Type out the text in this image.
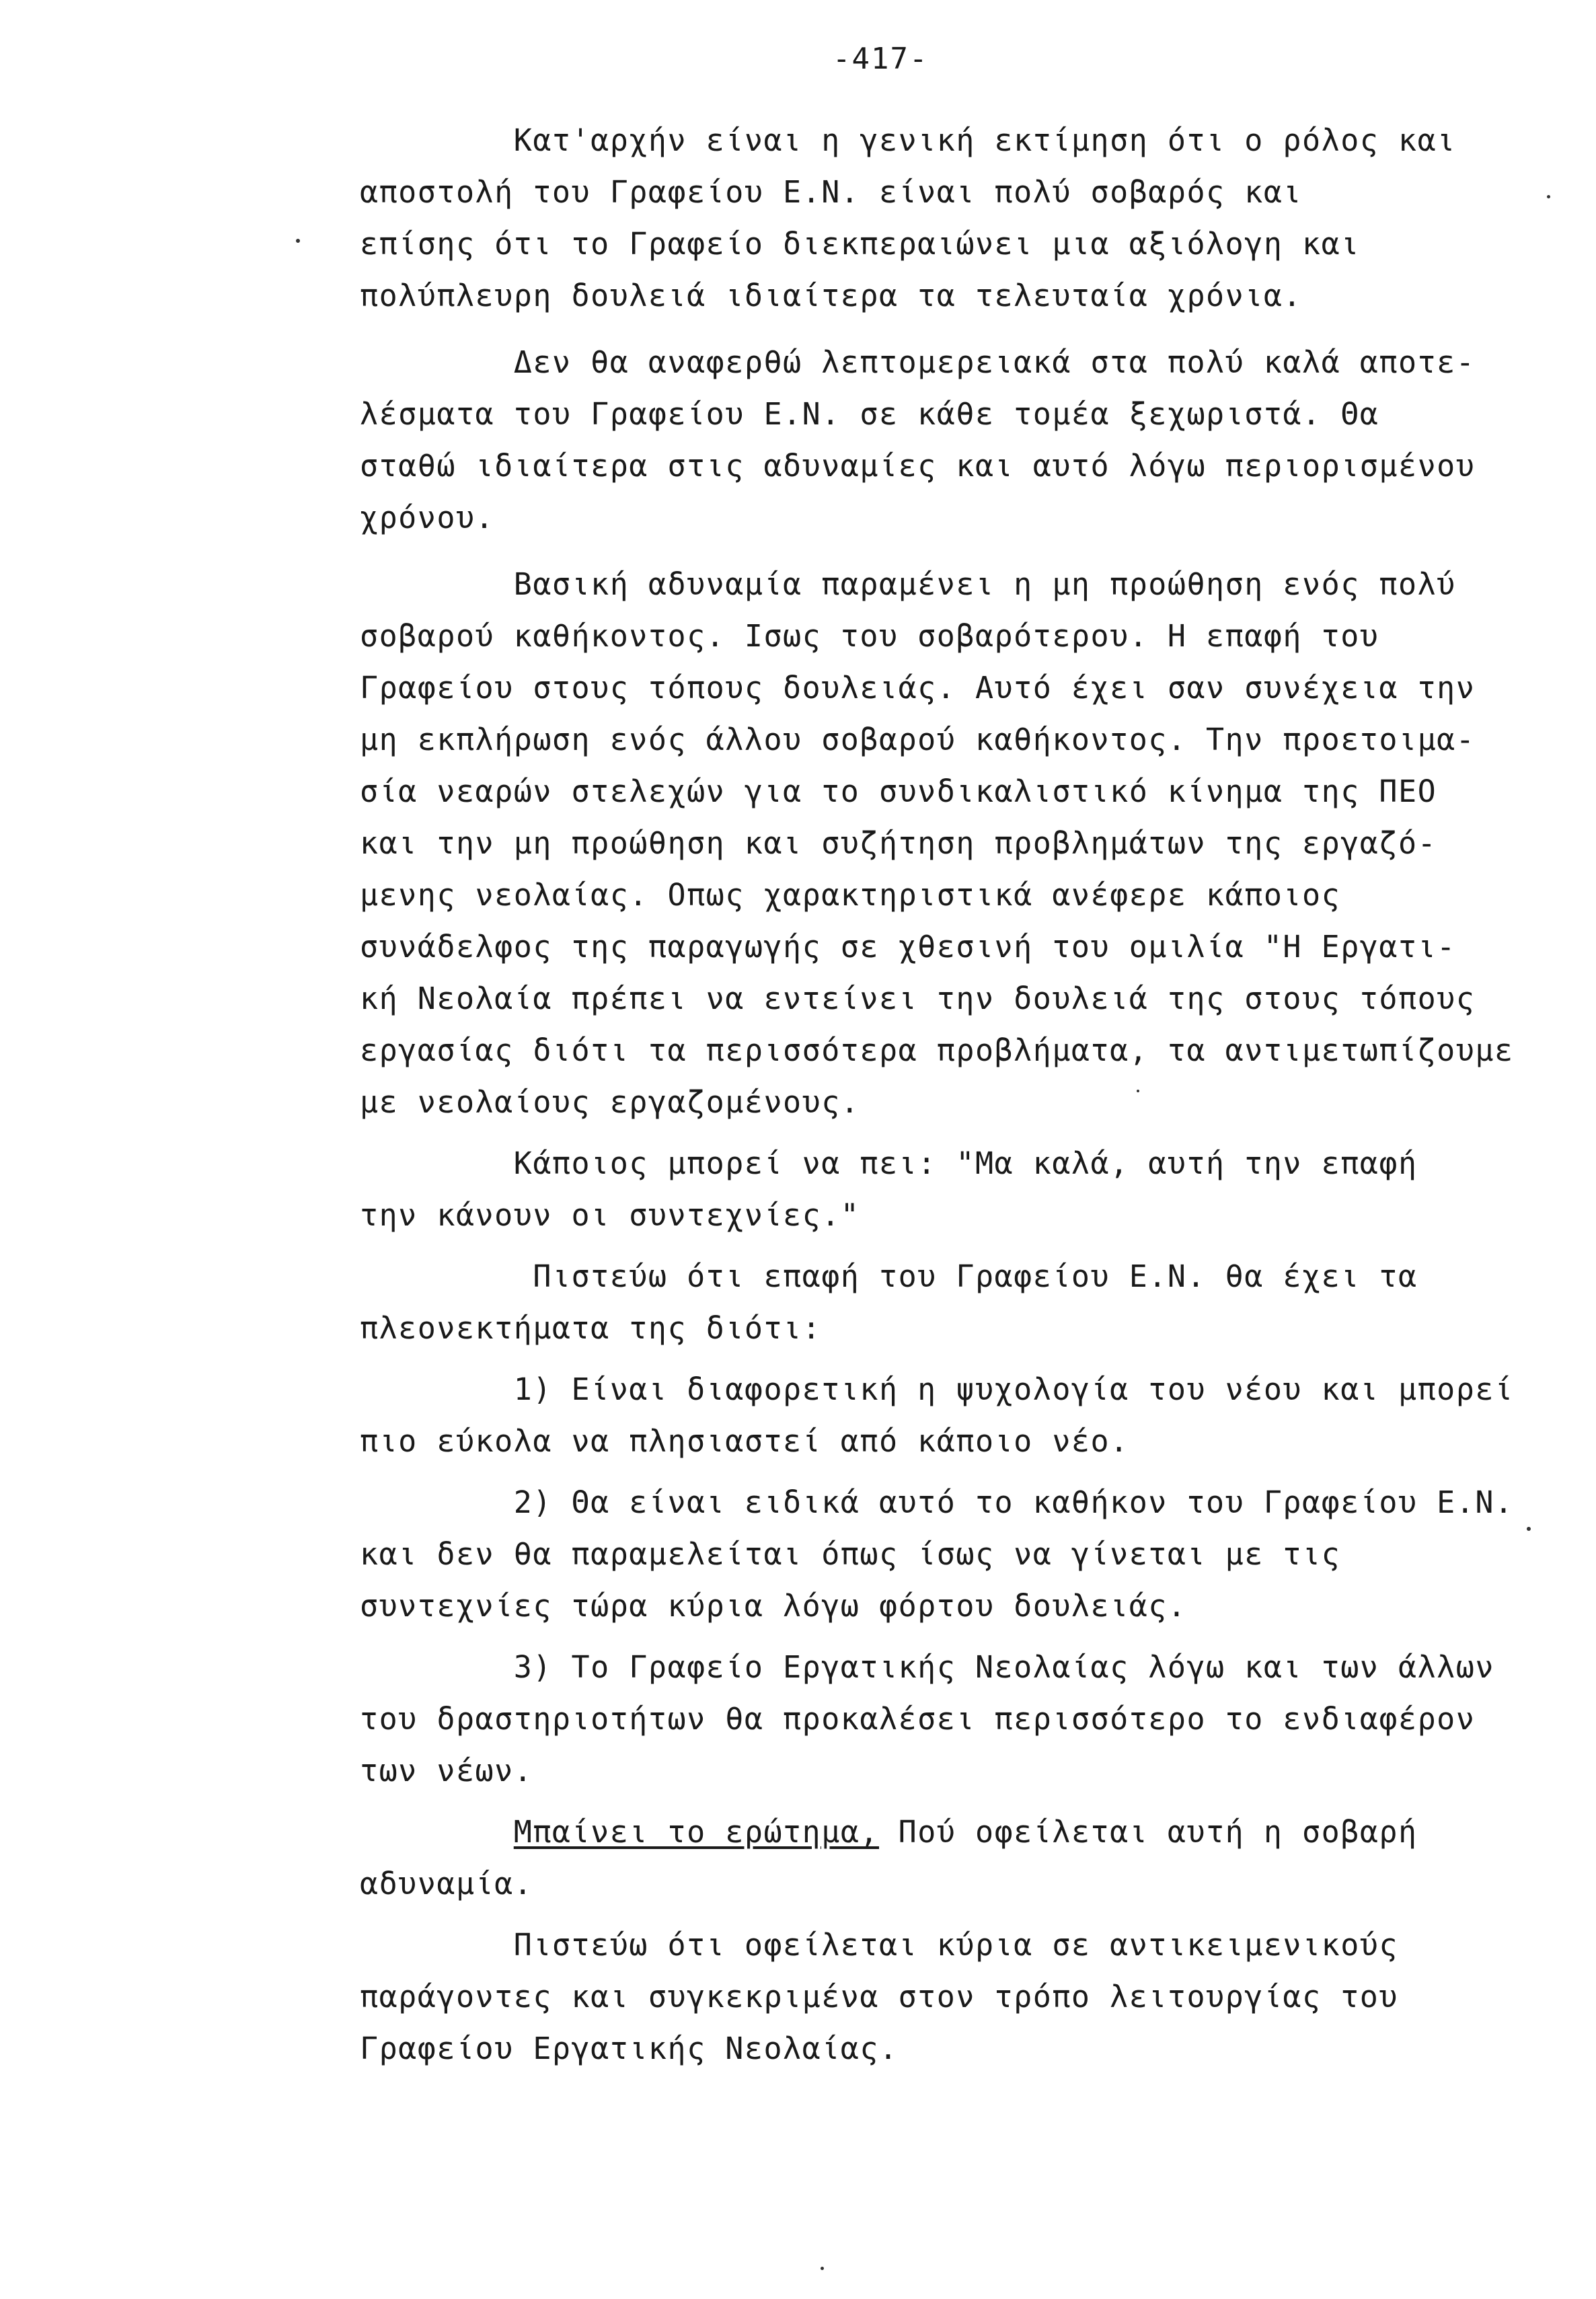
-417-

Κατ'αρχήν είναι η γενική εκτίμηση ότι ο ρόλος και
αποστολή του Γραφείου Ε.Ν. είναι πολύ σοβαρός και
επίσης ότι το Γραφείο διεκπεραιώνει μια αξιόλογη και
πολύπλευρη δουλειά ιδιαίτερα τα τελευταία χρόνια.

Δεν θα αναφερθώ λεπτομερειακά στα πολύ καλά αποτε-
λέσματα του Γραφείου Ε.Ν. σε κάθε τομέα ξεχωριστά. Θα
σταθώ ιδιαίτερα στις αδυναμίες και αυτό λόγω περιορισμένου
χρόνου.

Βασική αδυναμία παραμένει η μη προώθηση ενός πολύ
σοβαρού καθήκοντος. Ισως του σοβαρότερου. Η επαφή του
Γραφείου στους τόπους δουλειάς. Αυτό έχει σαν συνέχεια την
μη εκπλήρωση ενός άλλου σοβαρού καθήκοντος. Την προετοιμα-
σία νεαρών στελεχών για το συνδικαλιστικό κίνημα της ΠΕΟ
και την μη προώθηση και συζήτηση προβλημάτων της εργαζό-
μενης νεολαίας. Οπως χαρακτηριστικά ανέφερε κάποιος
συνάδελφος της παραγωγής σε χθεσινή του ομιλία "Η Εργατι-
κή Νεολαία πρέπει να εντείνει την δουλειά της στους τόπους
εργασίας διότι τα περισσότερα προβλήματα, τα αντιμετωπίζουμε
με νεολαίους εργαζομένους.

Κάποιος μπορεί να πει: "Μα καλά, αυτή την επαφή
την κάνουν οι συντεχνίες."

Πιστεύω ότι επαφή του Γραφείου Ε.Ν. θα έχει τα
πλεονεκτήματα της διότι:

1) Είναι διαφορετική η ψυχολογία του νέου και μπορεί
πιο εύκολα να πλησιαστεί από κάποιο νέο.

2) Θα είναι ειδικά αυτό το καθήκον του Γραφείου Ε.Ν.
και δεν θα παραμελείται όπως ίσως να γίνεται με τις
συντεχνίες τώρα κύρια λόγω φόρτου δουλειάς.

3) Το Γραφείο Εργατικής Νεολαίας λόγω και των άλλων
του δραστηριοτήτων θα προκαλέσει περισσότερο το ενδιαφέρον
των νέων.

Μπαίνει το ερώτημα, Πού οφείλεται αυτή η σοβαρή
αδυναμία.

Πιστεύω ότι οφείλεται κύρια σε αντικειμενικούς
παράγοντες και συγκεκριμένα στον τρόπο λειτουργίας του
Γραφείου Εργατικής Νεολαίας.
